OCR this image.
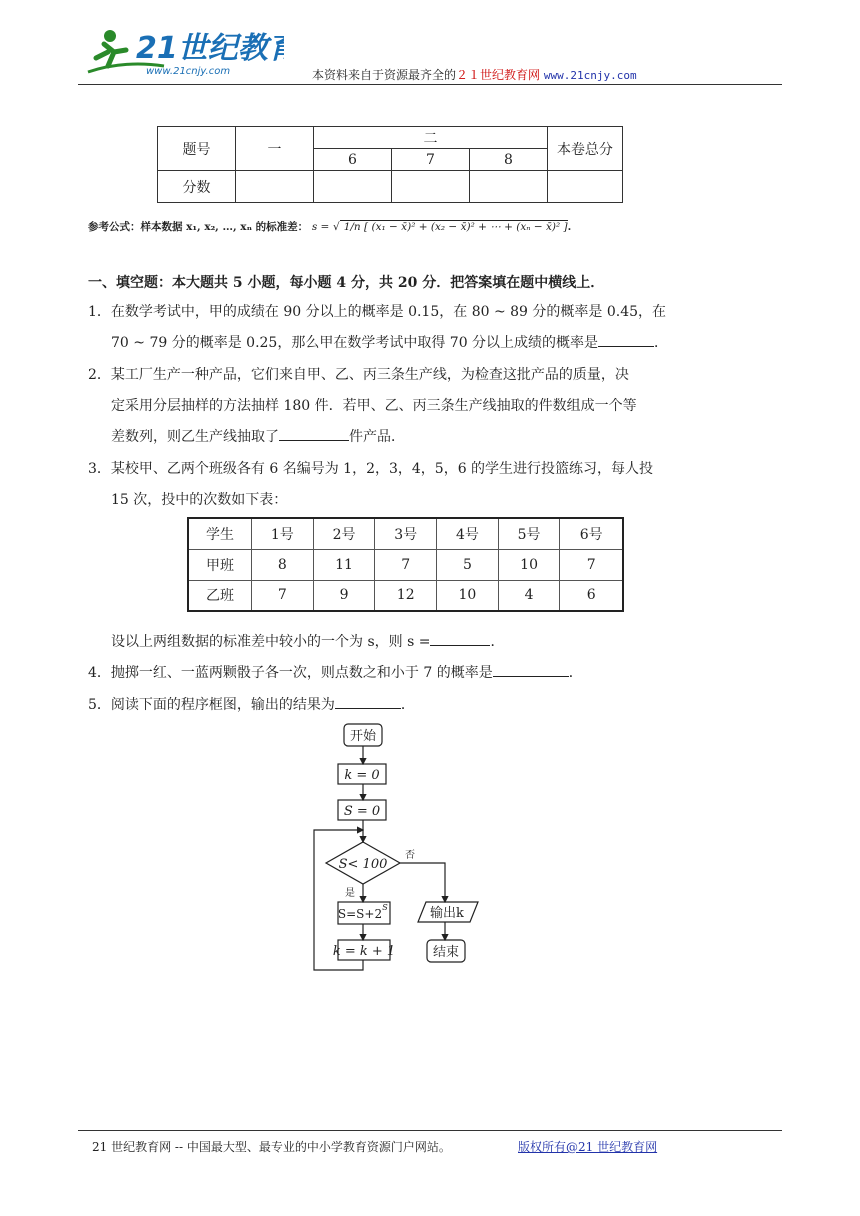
21世纪教育
www.21cnjy.com	本资料来自于资源最齐全的２１世纪教育网 www.21cnjy.com
题号	一	二			本卷总分
		6	7	8	
分数					
参考公式：样本数据 x₁, x₂, …, xₙ 的标准差： s = √ 1/n [ (x₁ − x̄)² + (x₂ − x̄)² + ⋯ + (xₙ − x̄)² ].
一、填空题：本大题共 5 小题，每小题 4 分，共 20 分．把答案填在题中横线上．
1．在数学考试中，甲的成绩在 90 分以上的概率是 0.15，在 80 ~ 89 分的概率是 0.45，在
70 ~ 79 分的概率是 0.25，那么甲在数学考试中取得 70 分以上成绩的概率是	．
2．某工厂生产一种产品，它们来自甲、乙、丙三条生产线，为检查这批产品的质量，决
定采用分层抽样的方法抽样 180 件．若甲、乙、丙三条生产线抽取的件数组成一个等
差数列，则乙生产线抽取了	件产品．
3．某校甲、乙两个班级各有 6 名编号为 1，2，3，4，5，6 的学生进行投篮练习，每人投
15 次，投中的次数如下表：
学生	1号	2号	3号	4号	5号	6号
甲班	8	11	7	5	10	7
乙班	7	9	12	10	4	6
设以上两组数据的标准差中较小的一个为 s，则 s =	．
4．抛掷一红、一蓝两颗骰子各一次，则点数之和小于 7 的概率是	．
5．阅读下面的程序框图，输出的结果为	．
开始
k = 0
S = 0
S< 100
是
否
S=S+2 S
k = k + 1
输出k
结束
21 世纪教育网 -- 中国最大型、最专业的中小学教育资源门户网站。	版权所有@21 世纪教育网
